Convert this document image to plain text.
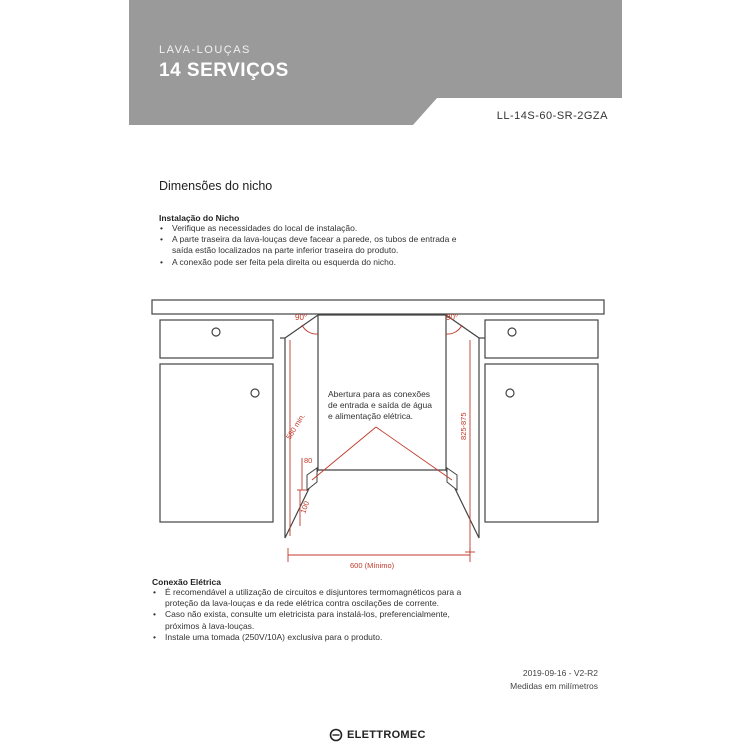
LAVA-LOUÇAS
14 SERVIÇOS
LL-14S-60-SR-2GZA
Dimensões do nicho
Instalação do Nicho
• Verifique as necessidades do local de instalação.
• A parte traseira da lava-louças deve facear a parede, os tubos de entrada e saída estão localizados na parte inferior traseira do produto.
• A conexão pode ser feita pela direita ou esquerda do nicho.
90°	90°
Abertura para as conexões
de entrada e saída de água
e alimentação elétrica.
580 min.	825-875
80
100
600 (Mínimo)
Conexão Elétrica
• É recomendável a utilização de circuitos e disjuntores termomagnéticos para a proteção da lava-louças e da rede elétrica contra oscilações de corrente.
• Caso não exista, consulte um eletricista para instalá-los, preferencialmente, próximos à lava-louças.
• Instale uma tomada (250V/10A) exclusiva para o produto.
2019-09-16 - V2-R2
Medidas em milímetros
ELETTROMEC
